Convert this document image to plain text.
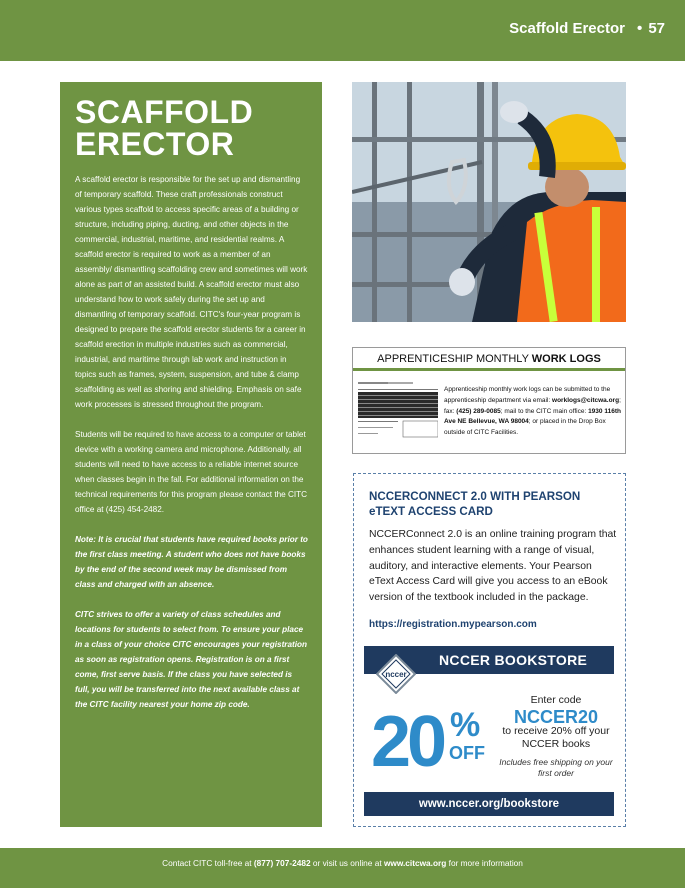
Scaffold Erector
•	57
SCAFFOLD ERECTOR

A scaffold erector is responsible for the set up and dismantling of temporary scaffold. These craft professionals construct various types scaffold to access specific areas of a building or structure, including piping, ducting, and other objects in the commercial, industrial, maritime, and residential realms. A scaffold erector is required to work as a member of an assembly/ dismantling scaffolding crew and sometimes will work alone as part of an assisted build. A scaffold erector must also understand how to work safely during the set up and dismantling of temporary scaffold. CITC's four-year program is designed to prepare the scaffold erector students for a career in scaffold erection in multiple industries such as commercial, industrial, and maritime through lab work and instruction in topics such as frames, system, suspension, and tube & clamp scaffolding as well as shoring and shielding. Emphasis on safe work processes is stressed throughout the program.

Students will be required to have access to a computer or tablet device with a working camera and microphone. Additionally, all students will need to have access to a reliable internet source when classes begin in the fall. For additional information on the technical requirements for this program please contact the CITC office at (425) 454-2482.

Note: It is crucial that students have required books prior to the first class meeting. A student who does not have books by the end of the second week may be dismissed from class and charged with an absence.

CITC strives to offer a variety of class schedules and locations for students to select from. To ensure your place in a class of your choice CITC encourages your registration as soon as registration opens. Registration is on a first come, first serve basis. If the class you have selected is full, you will be transferred into the next available class at the CITC facility nearest your home zip code.

APPRENTICESHIP MONTHLY WORK LOGS
Apprenticeship monthly work logs can be submitted to the apprenticeship department via email: worklogs@citcwa.org; fax: (425) 289-0085; mail to the CITC main office: 1930 116th Ave NE Bellevue, WA 98004; or placed in the Drop Box outside of CITC Facilities.
NCCERCONNECT 2.0 WITH PEARSON eTEXT ACCESS CARD
NCCERConnect 2.0 is an online training program that enhances student learning with a range of visual, auditory, and interactive elements. Your Pearson eText Access Card will give you access to an eBook version of the textbook included in the package.
https://registration.mypearson.com
NCCER BOOKSTORE
nccer
20 %
OFF
Enter code
NCCER20
to receive 20% off your NCCER books
Includes free shipping on your first order
www.nccer.org/bookstore
Contact CITC toll-free at (877) 707-2482 or visit us online at www.citcwa.org for more information
